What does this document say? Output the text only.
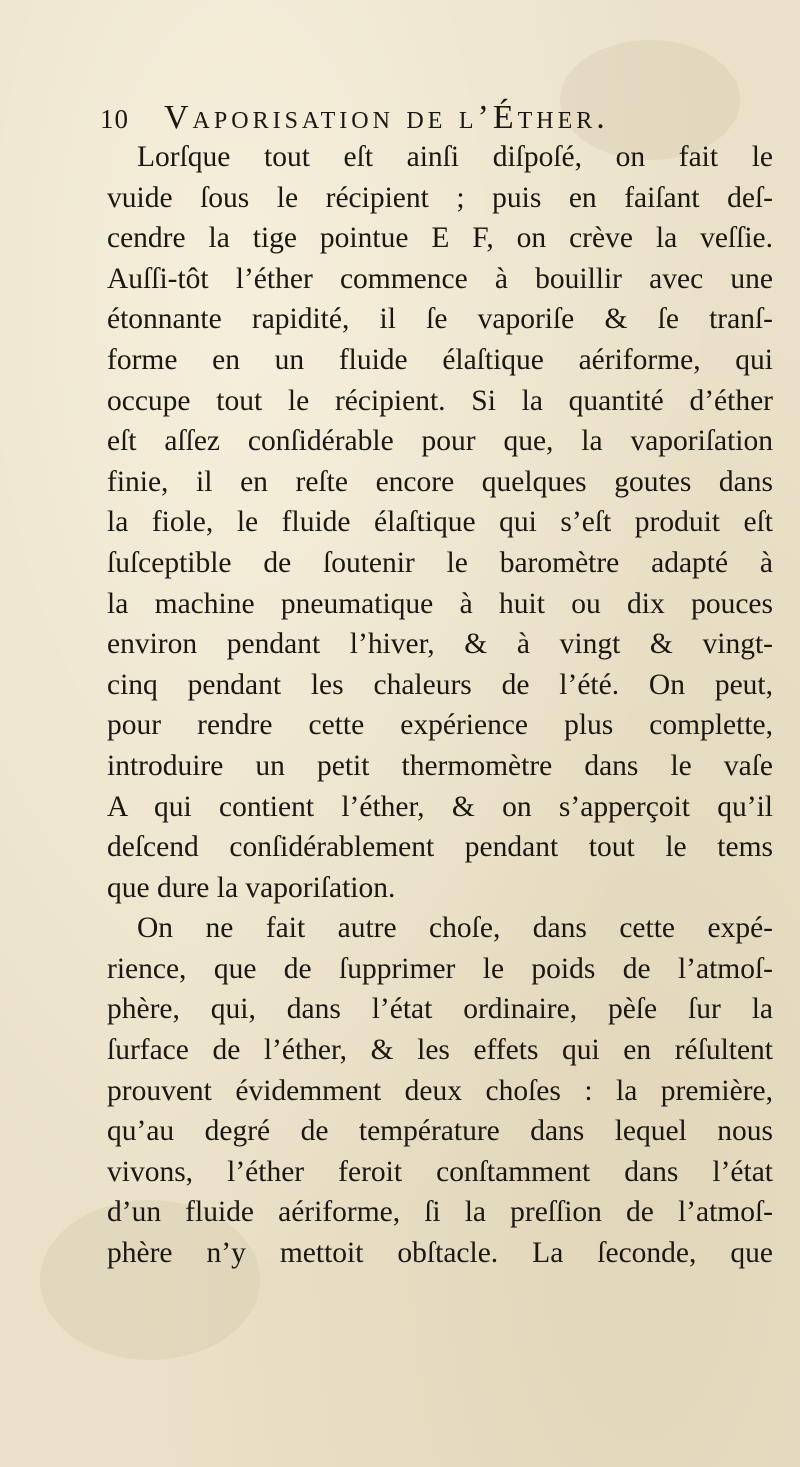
10 Vaporisation de l’Éther.
Lorſque tout eſt ainſi diſpoſé, on fait le
vuide ſous le récipient ; puis en faiſant deſ-
cendre la tige pointue E F, on crève la veſſie.
Auſſi-tôt l’éther commence à bouillir avec une
étonnante rapidité, il ſe vaporiſe & ſe tranſ-
forme en un fluide élaſtique aériforme, qui
occupe tout le récipient. Si la quantité d’éther
eſt aſſez conſidérable pour que, la vaporiſation
finie, il en reſte encore quelques goutes dans
la fiole, le fluide élaſtique qui s’eſt produit eſt
ſuſceptible de ſoutenir le baromètre adapté à
la machine pneumatique à huit ou dix pouces
environ pendant l’hiver, & à vingt & vingt-
cinq pendant les chaleurs de l’été. On peut,
pour rendre cette expérience plus complette,
introduire un petit thermomètre dans le vaſe
A qui contient l’éther, & on s’apperçoit qu’il
deſcend conſidérablement pendant tout le tems
que dure la vaporiſation.
On ne fait autre choſe, dans cette expé-
rience, que de ſupprimer le poids de l’atmoſ-
phère, qui, dans l’état ordinaire, pèſe ſur la
ſurface de l’éther, & les effets qui en réſultent
prouvent évidemment deux choſes : la première,
qu’au degré de température dans lequel nous
vivons, l’éther feroit conſtamment dans l’état
d’un fluide aériforme, ſi la preſſion de l’atmoſ-
phère n’y mettoit obſtacle. La ſeconde, que
